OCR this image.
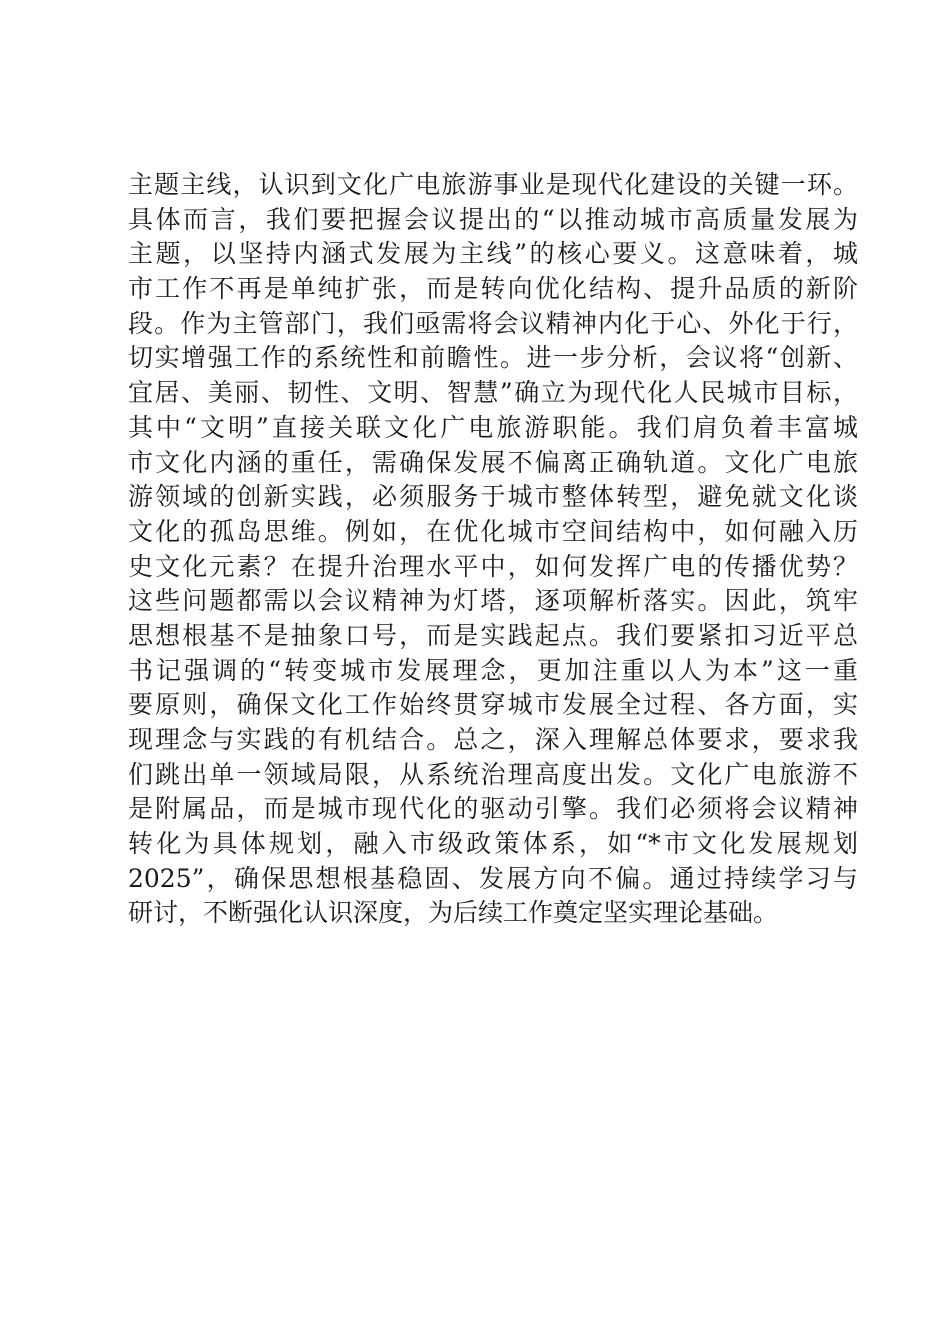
主题主线，认识到文化广电旅游事业是现代化建设的关键一环。
具体而言，我们要把握会议提出的“以推动城市高质量发展为
主题，以坚持内涵式发展为主线”的核心要义。这意味着，城
市工作不再是单纯扩张，而是转向优化结构、提升品质的新阶
段。作为主管部门，我们亟需将会议精神内化于心、外化于行，
切实增强工作的系统性和前瞻性。进一步分析，会议将“创新、
宜居、美丽、韧性、文明、智慧”确立为现代化人民城市目标，
其中“文明”直接关联文化广电旅游职能。我们肩负着丰富城
市文化内涵的重任，需确保发展不偏离正确轨道。文化广电旅
游领域的创新实践，必须服务于城市整体转型，避免就文化谈
文化的孤岛思维。例如，在优化城市空间结构中，如何融入历
史文化元素？在提升治理水平中，如何发挥广电的传播优势？
这些问题都需以会议精神为灯塔，逐项解析落实。因此，筑牢
思想根基不是抽象口号，而是实践起点。我们要紧扣习近平总
书记强调的“转变城市发展理念，更加注重以人为本”这一重
要原则，确保文化工作始终贯穿城市发展全过程、各方面，实
现理念与实践的有机结合。总之，深入理解总体要求，要求我
们跳出单一领域局限，从系统治理高度出发。文化广电旅游不
是附属品，而是城市现代化的驱动引擎。我们必须将会议精神
转化为具体规划，融入市级政策体系，如“*市文化发展规划
2025”，确保思想根基稳固、发展方向不偏。通过持续学习与
研讨，不断强化认识深度，为后续工作奠定坚实理论基础。
